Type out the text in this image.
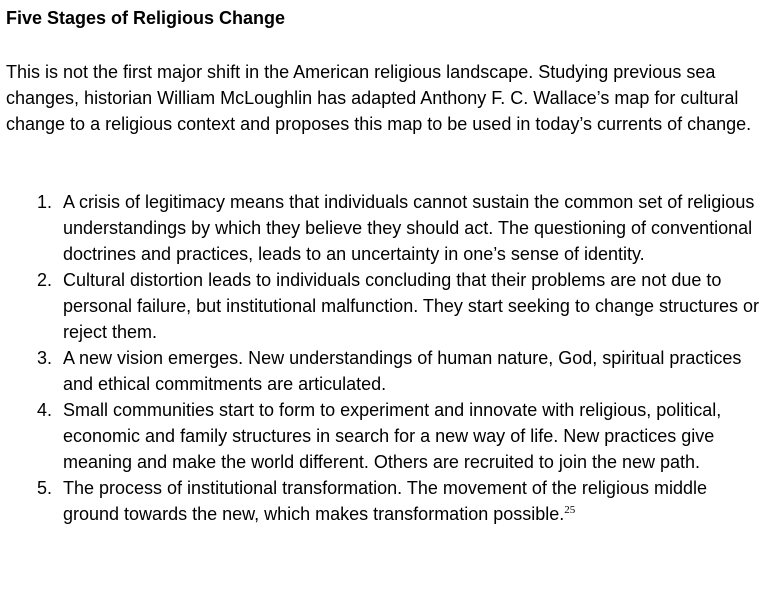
Five Stages of Religious Change

This is not the first major shift in the American religious landscape. Studying previous sea changes, historian William McLoughlin has adapted Anthony F. C. Wallace’s map for cultural change to a religious context and proposes this map to be used in today’s currents of change.

1. A crisis of legitimacy means that individuals cannot sustain the common set of religious understandings by which they believe they should act. The questioning of conventional doctrines and practices, leads to an uncertainty in one’s sense of identity.
2. Cultural distortion leads to individuals concluding that their problems are not due to personal failure, but institutional malfunction. They start seeking to change structures or reject them.
3. A new vision emerges. New understandings of human nature, God, spiritual practices and ethical commitments are articulated.
4. Small communities start to form to experiment and innovate with religious, political, economic and family structures in search for a new way of life. New practices give meaning and make the world different. Others are recruited to join the new path.
5. The process of institutional transformation. The movement of the religious middle ground towards the new, which makes transformation possible.$^{25}$
